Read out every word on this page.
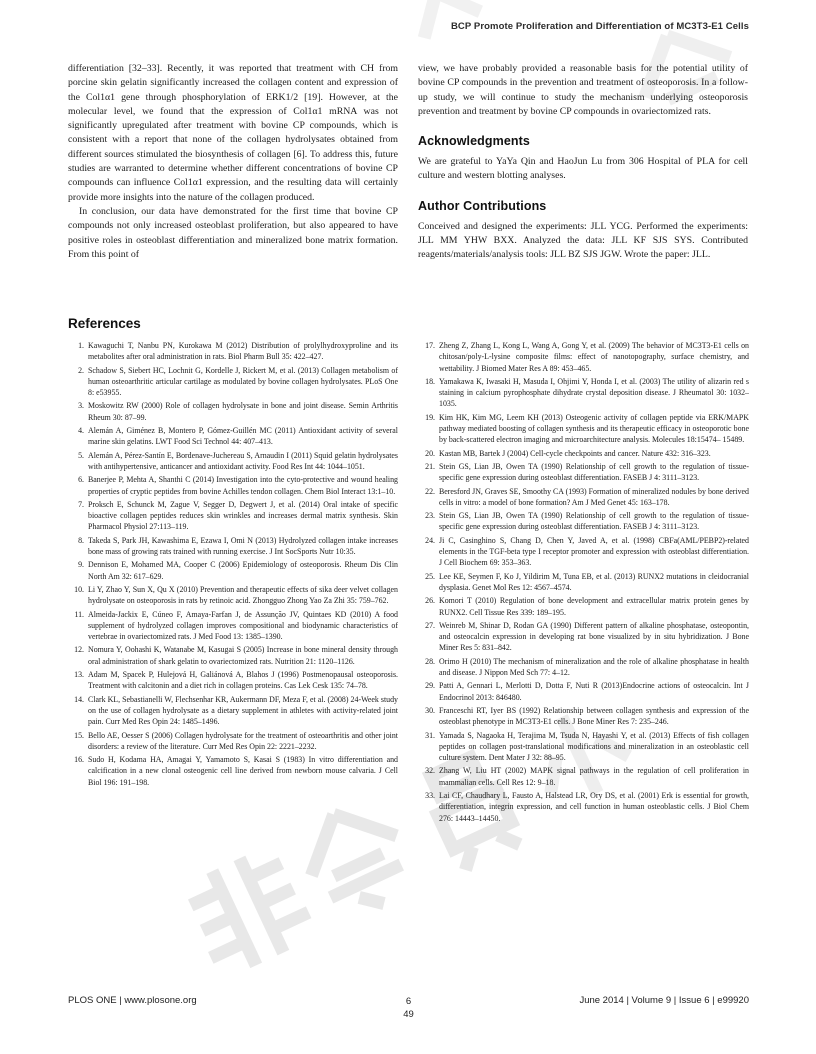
BCP Promote Proliferation and Differentiation of MC3T3-E1 Cells

differentiation [32–33]. Recently, it was reported that treatment with CH from porcine skin gelatin significantly increased the collagen content and expression of the Col1α1 gene through phosphorylation of ERK1/2 [19]. However, at the molecular level, we found that the expression of Col1α1 mRNA was not significantly upregulated after treatment with bovine CP compounds, which is consistent with a report that none of the collagen hydrolysates obtained from different sources stimulated the biosynthesis of collagen [6]. To address this, future studies are warranted to determine whether different concentrations of bovine CP compounds can influence Col1α1 expression, and the resulting data will certainly provide more insights into the nature of the collagen produced.

In conclusion, our data have demonstrated for the first time that bovine CP compounds not only increased osteoblast proliferation, but also appeared to have positive roles in osteoblast differentiation and mineralized bone matrix formation. From this point of

view, we have probably provided a reasonable basis for the potential utility of bovine CP compounds in the prevention and treatment of osteoporosis. In a follow-up study, we will continue to study the mechanism underlying osteoporosis prevention and treatment by bovine CP compounds in ovariectomized rats.

Acknowledgments

We are grateful to YaYa Qin and HaoJun Lu from 306 Hospital of PLA for cell culture and western blotting analyses.

Author Contributions

Conceived and designed the experiments: JLL YCG. Performed the experiments: JLL MM YHW BXX. Analyzed the data: JLL KF SJS SYS. Contributed reagents/materials/analysis tools: JLL BZ SJS JGW. Wrote the paper: JLL.

References
1. Kawaguchi T, Nanbu PN, Kurokawa M (2012) Distribution of prolylhydroxyproline and its metabolites after oral administration in rats. Biol Pharm Bull 35: 422–427.
2. Schadow S, Siebert HC, Lochnit G, Kordelle J, Rickert M, et al. (2013) Collagen metabolism of human osteoarthritic articular cartilage as modulated by bovine collagen hydrolysates. PLoS One 8: e53955.
3. Moskowitz RW (2000) Role of collagen hydrolysate in bone and joint disease. Semin Arthritis Rheum 30: 87–99.
4. Alemán A, Giménez B, Montero P, Gómez-Guillén MC (2011) Antioxidant activity of several marine skin gelatins. LWT Food Sci Technol 44: 407–413.
5. Alemán A, Pérez-Santín E, Bordenave-Juchereau S, Arnaudin I (2011) Squid gelatin hydrolysates with antihypertensive, anticancer and antioxidant activity. Food Res Int 44: 1044–1051.
6. Banerjee P, Mehta A, Shanthi C (2014) Investigation into the cyto-protective and wound healing properties of cryptic peptides from bovine Achilles tendon collagen. Chem Biol Interact 13:1–10.
7. Proksch E, Schunck M, Zague V, Segger D, Degwert J, et al. (2014) Oral intake of specific bioactive collagen peptides reduces skin wrinkles and increases dermal matrix synthesis. Skin Pharmacol Physiol 27:113–119.
8. Takeda S, Park JH, Kawashima E, Ezawa I, Omi N (2013) Hydrolyzed collagen intake increases bone mass of growing rats trained with running exercise. J Int SocSports Nutr 10:35.
9. Dennison E, Mohamed MA, Cooper C (2006) Epidemiology of osteoporosis. Rheum Dis Clin North Am 32: 617–629.
10. Li Y, Zhao Y, Sun X, Qu X (2010) Prevention and therapeutic effects of sika deer velvet collagen hydrolysate on osteoporosis in rats by retinoic acid. Zhongguo Zhong Yao Za Zhi 35: 759–762.
11. Almeida-Jackix E, Cúneo F, Amaya-Farfan J, de Assunção JV, Quintaes KD (2010) A food supplement of hydrolyzed collagen improves compositional and biodynamic characteristics of vertebrae in ovariectomized rats. J Med Food 13: 1385–1390.
12. Nomura Y, Oohashi K, Watanabe M, Kasugai S (2005) Increase in bone mineral density through oral administration of shark gelatin to ovariectomized rats. Nutrition 21: 1120–1126.
13. Adam M, Spacek P, Hulejová H, Galiánová A, Blahos J (1996) Postmenopausal osteoporosis. Treatment with calcitonin and a diet rich in collagen proteins. Cas Lek Cesk 135: 74–78.
14. Clark KL, Sebastianelli W, Flechsenhar KR, Aukermann DF, Meza F, et al. (2008) 24-Week study on the use of collagen hydrolysate as a dietary supplement in athletes with activity-related joint pain. Curr Med Res Opin 24: 1485–1496.
15. Bello AE, Oesser S (2006) Collagen hydrolysate for the treatment of osteoarthritis and other joint disorders: a review of the literature. Curr Med Res Opin 22: 2221–2232.
16. Sudo H, Kodama HA, Amagai Y, Yamamoto S, Kasai S (1983) In vitro differentiation and calcification in a new clonal osteogenic cell line derived from newborn mouse calvaria. J Cell Biol 196: 191–198.
17. Zheng Z, Zhang L, Kong L, Wang A, Gong Y, et al. (2009) The behavior of MC3T3-E1 cells on chitosan/poly-L-lysine composite films: effect of nanotopography, surface chemistry, and wettability. J Biomed Mater Res A 89: 453–465.
18. Yamakawa K, Iwasaki H, Masuda I, Ohjimi Y, Honda I, et al. (2003) The utility of alizarin red s staining in calcium pyrophosphate dihydrate crystal deposition disease. J Rheumatol 30: 1032–1035.
19. Kim HK, Kim MG, Leem KH (2013) Osteogenic activity of collagen peptide via ERK/MAPK pathway mediated boosting of collagen synthesis and its therapeutic efficacy in osteoporotic bone by back-scattered electron imaging and microarchitecture analysis. Molecules 18:15474– 15489.
20. Kastan MB, Bartek J (2004) Cell-cycle checkpoints and cancer. Nature 432: 316–323.
21. Stein GS, Lian JB, Owen TA (1990) Relationship of cell growth to the regulation of tissue-specific gene expression during osteoblast differentiation. FASEB J 4: 3111–3123.
22. Beresford JN, Graves SE, Smoothy CA (1993) Formation of mineralized nodules by bone derived cells in vitro: a model of bone formation? Am J Med Genet 45: 163–178.
23. Stein GS, Lian JB, Owen TA (1990) Relationship of cell growth to the regulation of tissue-specific gene expression during osteoblast differentiation. FASEB J 4: 3111–3123.
24. Ji C, Casinghino S, Chang D, Chen Y, Javed A, et al. (1998) CBFa(AML/PEBP2)-related elements in the TGF-beta type I receptor promoter and expression with osteoblast differentiation. J Cell Biochem 69: 353–363.
25. Lee KE, Seymen F, Ko J, Yildirim M, Tuna EB, et al. (2013) RUNX2 mutations in cleidocranial dysplasia. Genet Mol Res 12: 4567–4574.
26. Komori T (2010) Regulation of bone development and extracellular matrix protein genes by RUNX2. Cell Tissue Res 339: 189–195.
27. Weinreb M, Shinar D, Rodan GA (1990) Different pattern of alkaline phosphatase, osteopontin, and osteocalcin expression in developing rat bone visualized by in situ hybridization. J Bone Miner Res 5: 831–842.
28. Orimo H (2010) The mechanism of mineralization and the role of alkaline phosphatase in health and disease. J Nippon Med Sch 77: 4–12.
29. Patti A, Gennari L, Merlotti D, Dotta F, Nuti R (2013)Endocrine actions of osteocalcin. Int J Endocrinol 2013: 846480.
30. Franceschi RT, Iyer BS (1992) Relationship between collagen synthesis and expression of the osteoblast phenotype in MC3T3-E1 cells. J Bone Miner Res 7: 235–246.
31. Yamada S, Nagaoka H, Terajima M, Tsuda N, Hayashi Y, et al. (2013) Effects of fish collagen peptides on collagen post-translational modifications and mineralization in an osteoblastic cell culture system. Dent Mater J 32: 88–95.
32. Zhang W, Liu HT (2002) MAPK signal pathways in the regulation of cell proliferation in mammalian cells. Cell Res 12: 9–18.
33. Lai CF, Chaudhary L, Fausto A, Halstead LR, Ory DS, et al. (2001) Erk is essential for growth, differentiation, integrin expression, and cell function in human osteoblastic cells. J Biol Chem 276: 14443–14450.
PLOS ONE | www.plosone.org	6
49
June 2014 | Volume 9 | Issue 6 | e99920
